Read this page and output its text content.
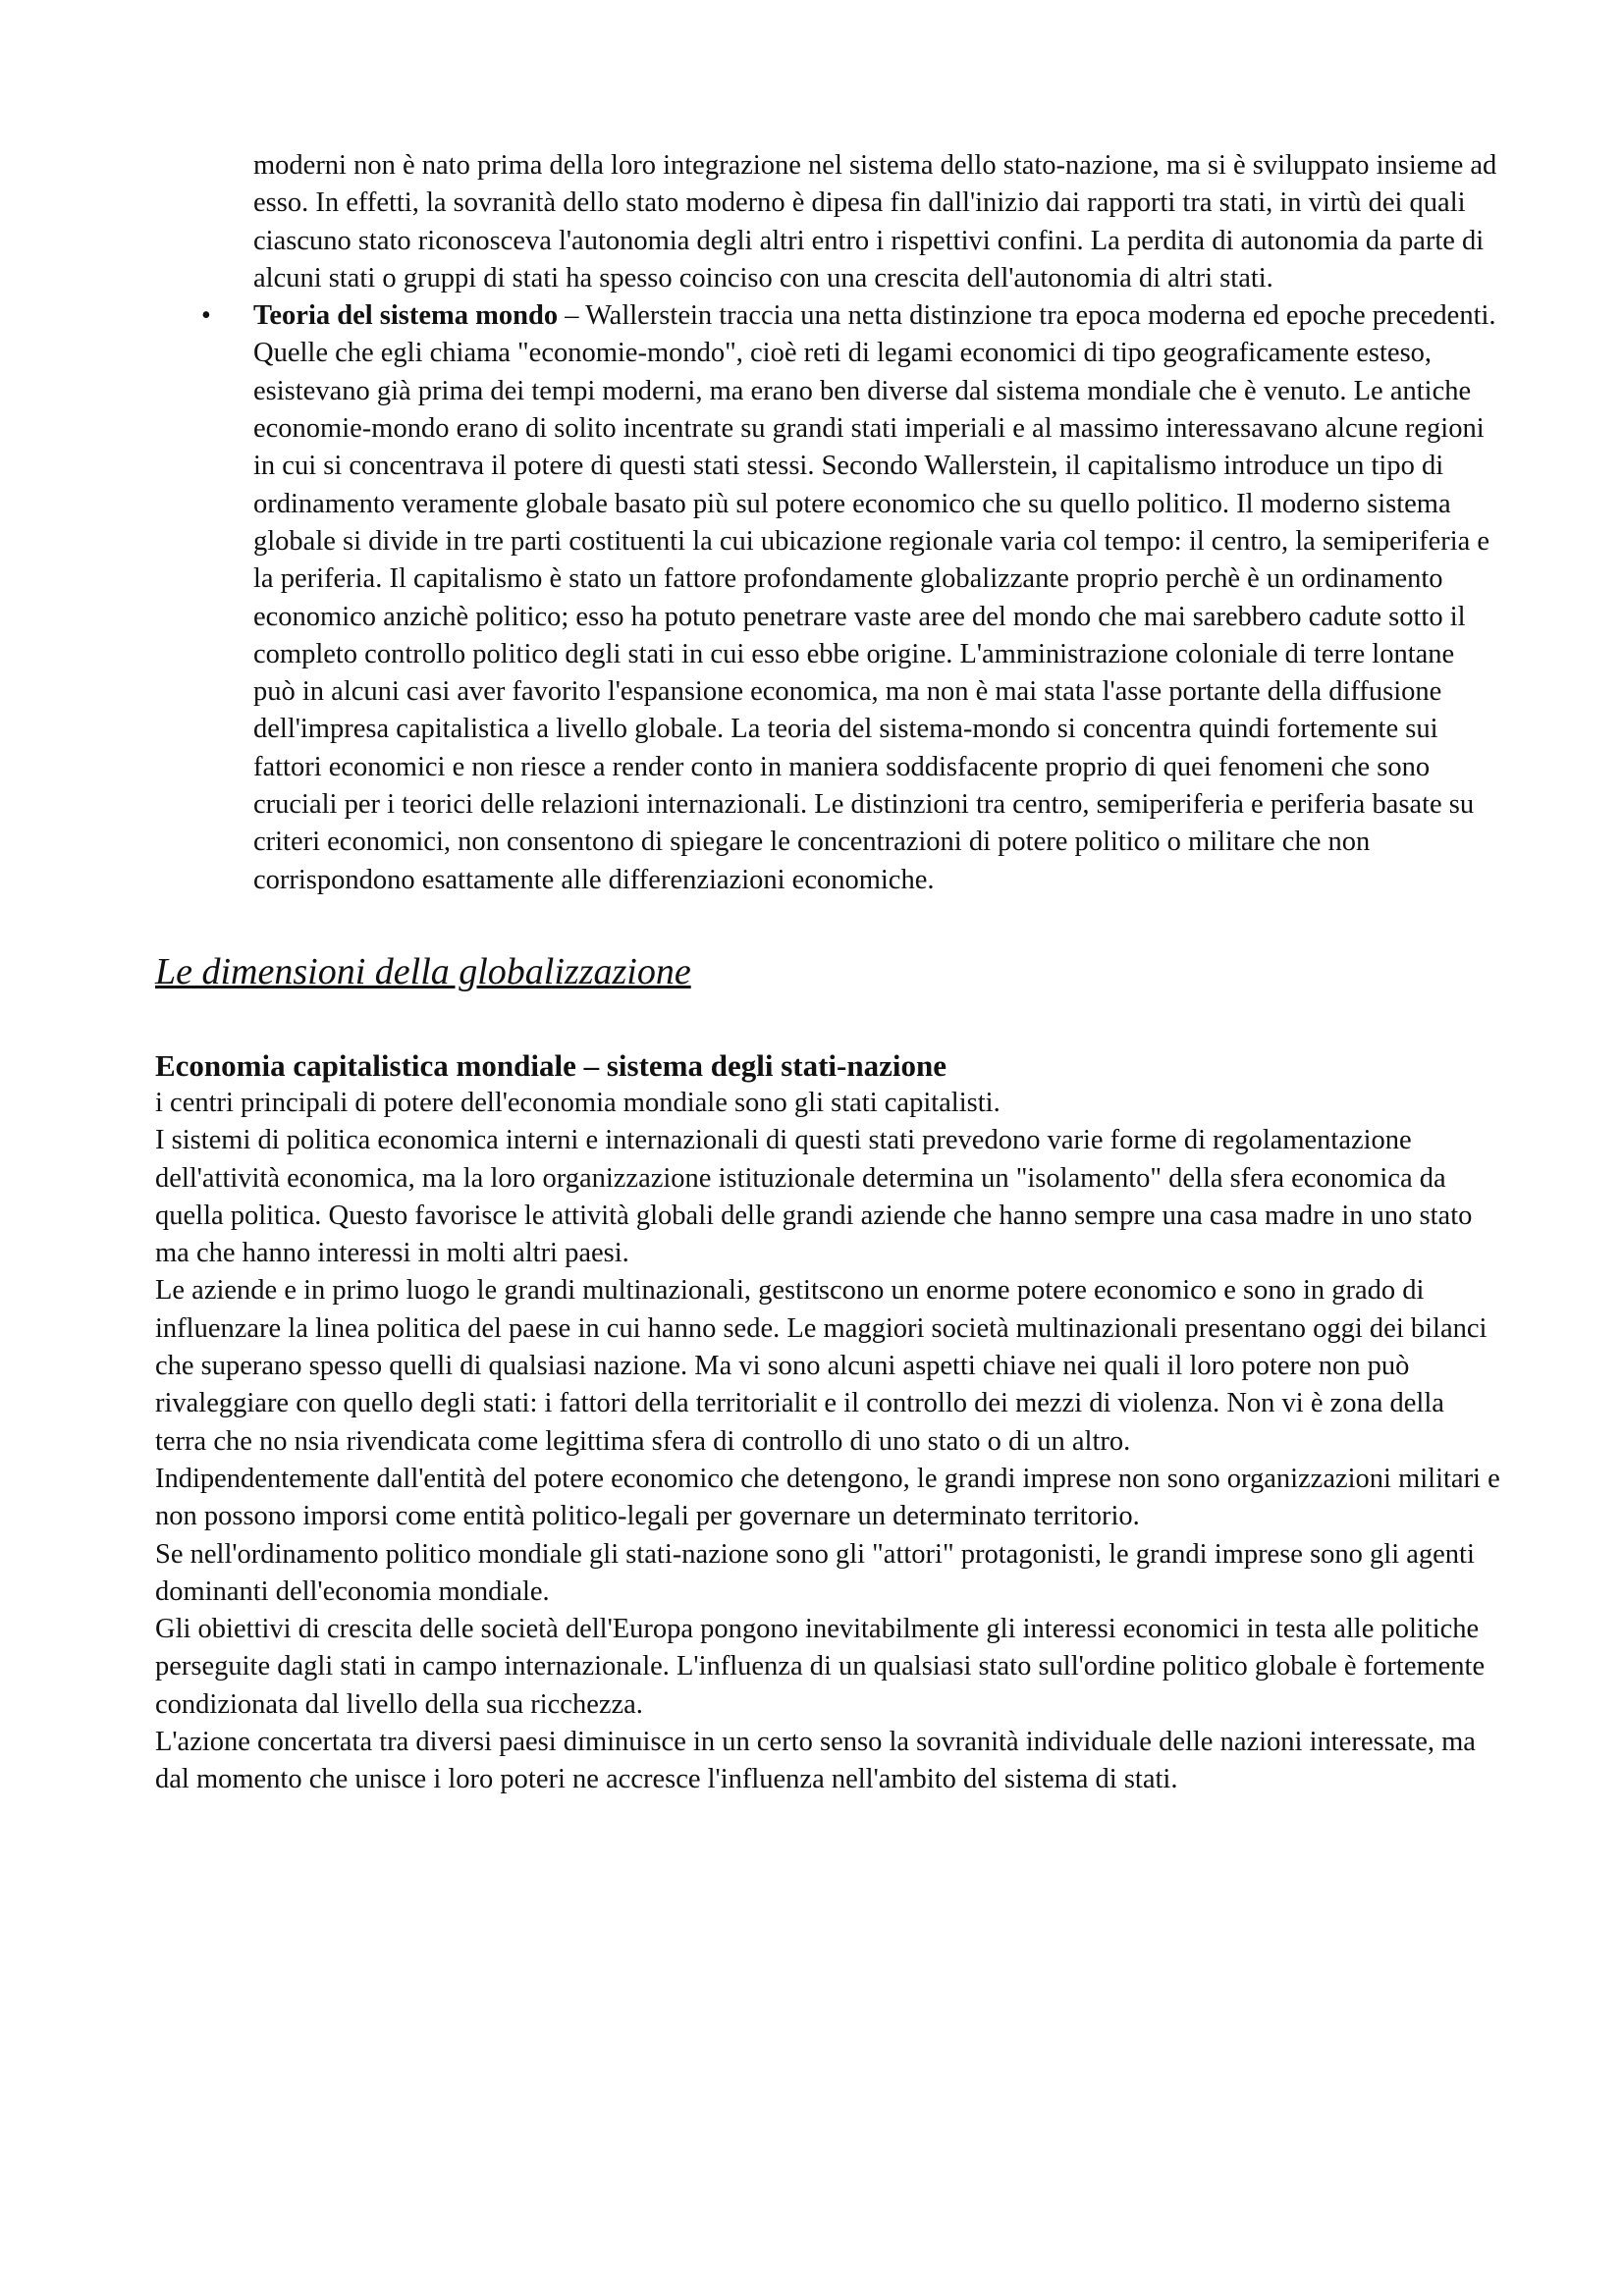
moderni non è nato prima della loro integrazione nel sistema dello stato-nazione, ma si è sviluppato insieme ad esso. In effetti, la sovranità dello stato moderno è dipesa fin dall'inizio dai rapporti tra stati, in virtù dei quali ciascuno stato riconosceva l'autonomia degli altri entro i rispettivi confini. La perdita di autonomia da parte di alcuni stati o gruppi di stati ha spesso coinciso con una crescita dell'autonomia di altri stati.

• Teoria del sistema mondo – Wallerstein traccia una netta distinzione tra epoca moderna ed epoche precedenti. Quelle che egli chiama "economie-mondo", cioè reti di legami economici di tipo geograficamente esteso, esistevano già prima dei tempi moderni, ma erano ben diverse dal sistema mondiale che è venuto. Le antiche economie-mondo erano di solito incentrate su grandi stati imperiali e al massimo interessavano alcune regioni in cui si concentrava il potere di questi stati stessi. Secondo Wallerstein, il capitalismo introduce un tipo di ordinamento veramente globale basato più sul potere economico che su quello politico. Il moderno sistema globale si divide in tre parti costituenti la cui ubicazione regionale varia col tempo: il centro, la semiperiferia e la periferia. Il capitalismo è stato un fattore profondamente globalizzante proprio perchè è un ordinamento economico anzichè politico; esso ha potuto penetrare vaste aree del mondo che mai sarebbero cadute sotto il completo controllo politico degli stati in cui esso ebbe origine. L'amministrazione coloniale di terre lontane può in alcuni casi aver favorito l'espansione economica, ma non è mai stata l'asse portante della diffusione dell'impresa capitalistica a livello globale. La teoria del sistema-mondo si concentra quindi fortemente sui fattori economici e non riesce a render conto in maniera soddisfacente proprio di quei fenomeni che sono cruciali per i teorici delle relazioni internazionali. Le distinzioni tra centro, semiperiferia e periferia basate su criteri economici, non consentono di spiegare le concentrazioni di potere politico o militare che non corrispondono esattamente alle differenziazioni economiche.
Le dimensioni della globalizzazione
Economia capitalistica mondiale – sistema degli stati-nazione

i centri principali di potere dell'economia mondiale sono gli stati capitalisti.

I sistemi di politica economica interni e internazionali di questi stati prevedono varie forme di regolamentazione dell'attività economica, ma la loro organizzazione istituzionale determina un "isolamento" della sfera economica da quella politica. Questo favorisce le attività globali delle grandi aziende che hanno sempre una casa madre in uno stato ma che hanno interessi in molti altri paesi.

Le aziende e in primo luogo le grandi multinazionali, gestitscono un enorme potere economico e sono in grado di influenzare la linea politica del paese in cui hanno sede. Le maggiori società multinazionali presentano oggi dei bilanci che superano spesso quelli di qualsiasi nazione. Ma vi sono alcuni aspetti chiave nei quali il loro potere non può rivaleggiare con quello degli stati: i fattori della territorialit e il controllo dei mezzi di violenza. Non vi è zona della terra che no nsia rivendicata come legittima sfera di controllo di uno stato o di un altro.

Indipendentemente dall'entità del potere economico che detengono, le grandi imprese non sono organizzazioni militari e non possono imporsi come entità politico-legali per governare un determinato territorio.

Se nell'ordinamento politico mondiale gli stati-nazione sono gli "attori" protagonisti, le grandi imprese sono gli agenti dominanti dell'economia mondiale.

Gli obiettivi di crescita delle società dell'Europa pongono inevitabilmente gli interessi economici in testa alle politiche perseguite dagli stati in campo internazionale. L'influenza di un qualsiasi stato sull'ordine politico globale è fortemente condizionata dal livello della sua ricchezza.

L'azione concertata tra diversi paesi diminuisce in un certo senso la sovranità individuale delle nazioni interessate, ma dal momento che unisce i loro poteri ne accresce l'influenza nell'ambito del sistema di stati.
